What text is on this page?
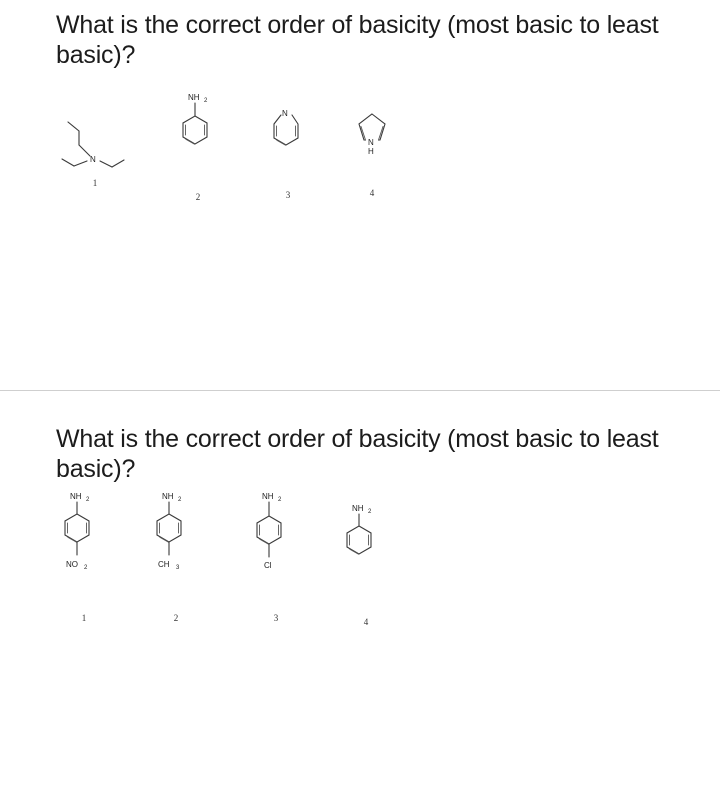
What is the correct order of basicity (most basic to least basic)?
N
1
NH 2
2
N
3
N
H
4
What is the correct order of basicity (most basic to least basic)?
NH 2
NO 2
1
NH 2
CH 3
2
NH 2
Cl
3
NH 2
4
